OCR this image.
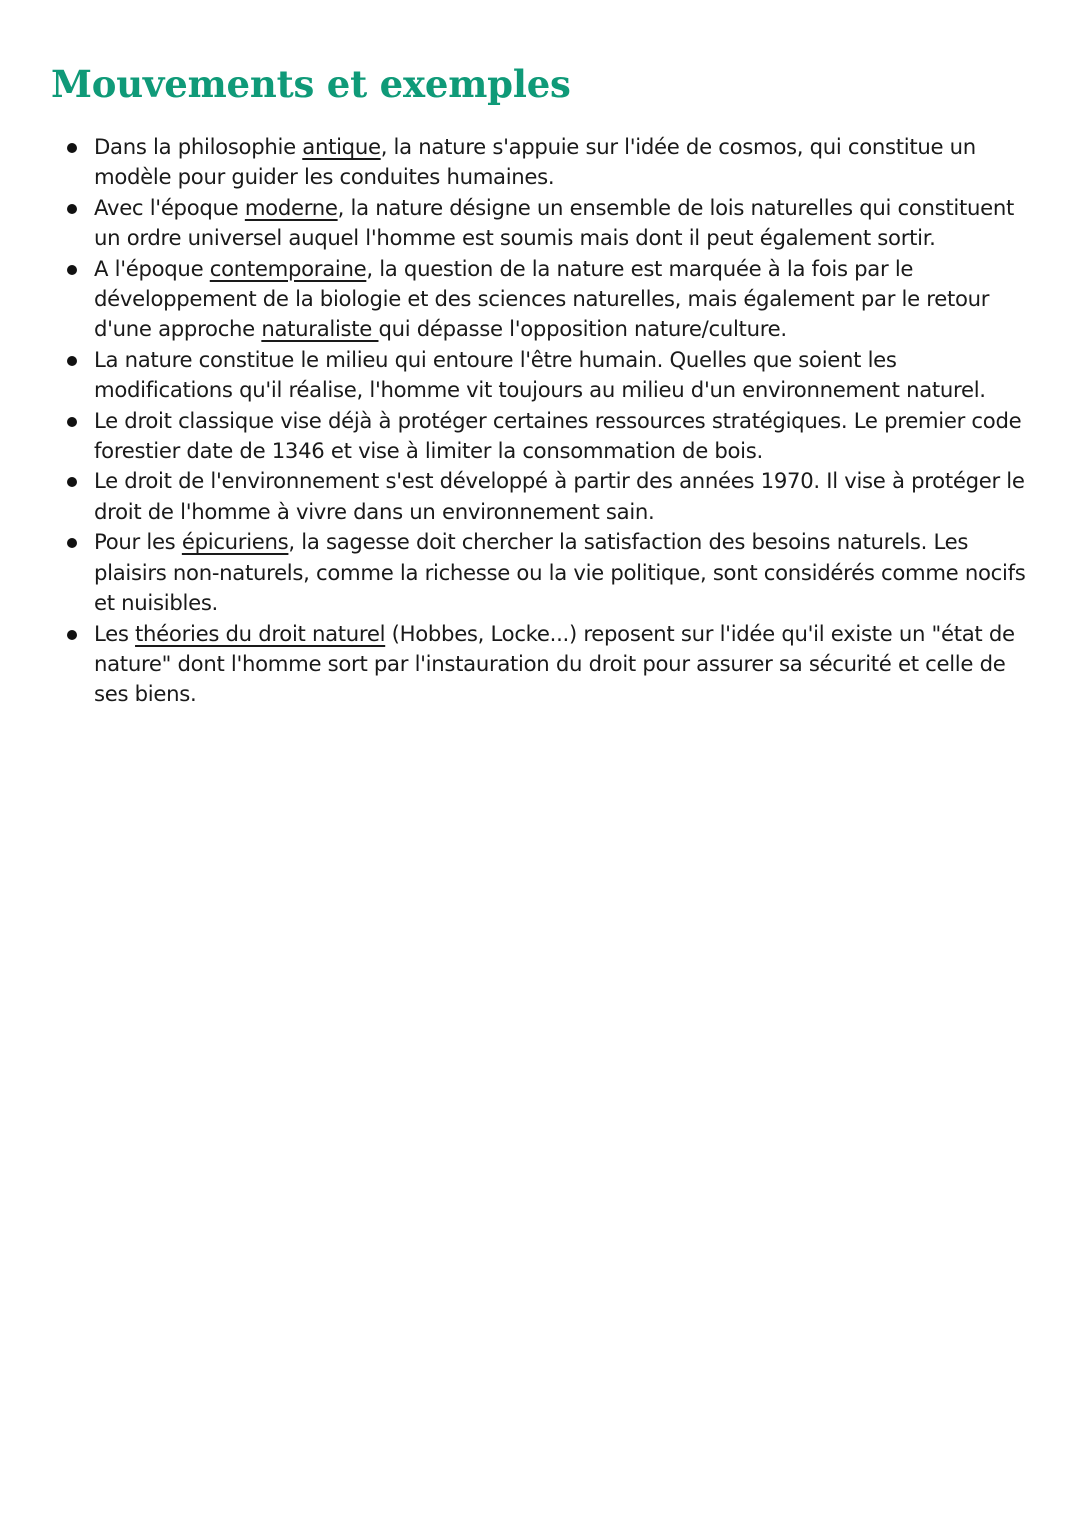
Mouvements et exemples
Dans la philosophie antique, la nature s'appuie sur l'idée de cosmos, qui constitue un modèle pour guider les conduites humaines.
Avec l'époque moderne, la nature désigne un ensemble de lois naturelles qui constituent un ordre universel auquel l'homme est soumis mais dont il peut également sortir.
A l'époque contemporaine, la question de la nature est marquée à la fois par le développement de la biologie et des sciences naturelles, mais également par le retour d'une approche naturaliste qui dépasse l'opposition nature/culture.
La nature constitue le milieu qui entoure l'être humain. Quelles que soient les modifications qu'il réalise, l'homme vit toujours au milieu d'un environnement naturel.
Le droit classique vise déjà à protéger certaines ressources stratégiques. Le premier code forestier date de 1346 et vise à limiter la consommation de bois.
Le droit de l'environnement s'est développé à partir des années 1970. Il vise à protéger le droit de l'homme à vivre dans un environnement sain.
Pour les épicuriens, la sagesse doit chercher la satisfaction des besoins naturels. Les plaisirs non-naturels, comme la richesse ou la vie politique, sont considérés comme nocifs et nuisibles.
Les théories du droit naturel (Hobbes, Locke...) reposent sur l'idée qu'il existe un "état de nature" dont l'homme sort par l'instauration du droit pour assurer sa sécurité et celle de ses biens.
